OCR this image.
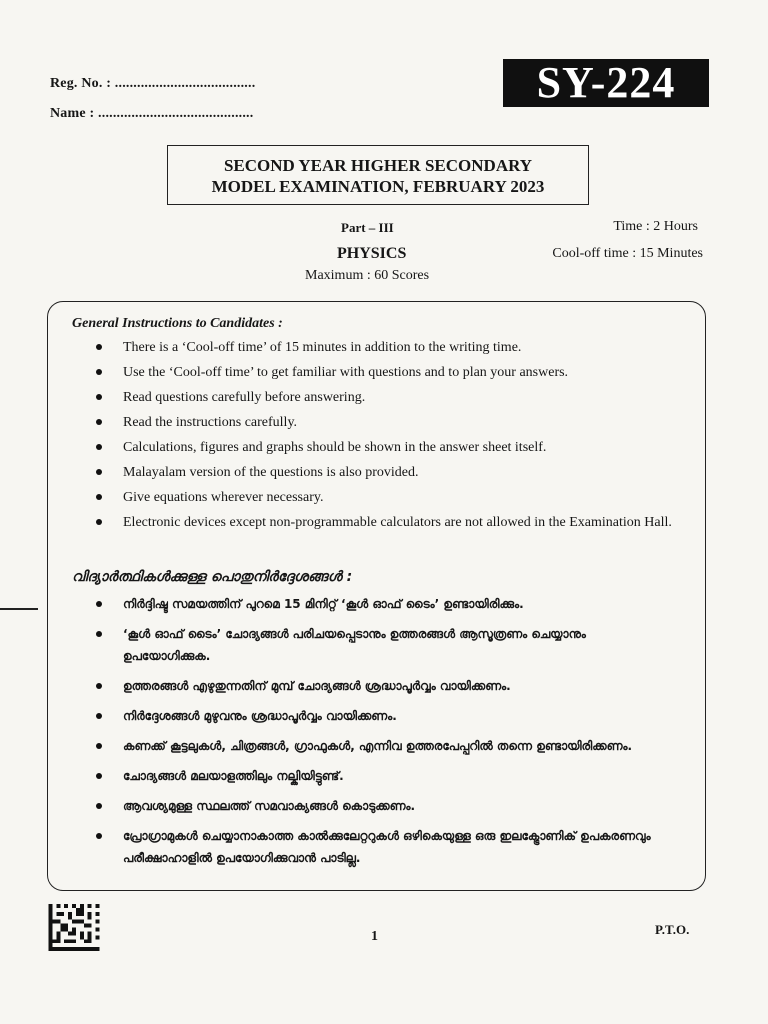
Reg. No. : ......................................
Name : ..........................................
SY-224
SECOND YEAR HIGHER SECONDARY
MODEL EXAMINATION, FEBRUARY 2023
Part – III	Time : 2 Hours
PHYSICS	Cool-off time : 15 Minutes
Maximum : 60 Scores
General Instructions to Candidates :
There is a ‘Cool-off time’ of 15 minutes in addition to the writing time.
Use the ‘Cool-off time’ to get familiar with questions and to plan your answers.
Read questions carefully before answering.
Read the instructions carefully.
Calculations, figures and graphs should be shown in the answer sheet itself.
Malayalam version of the questions is also provided.
Give equations wherever necessary.
Electronic devices except non-programmable calculators are not allowed in the Examination Hall.
വിദ്യാർത്ഥികൾക്കുള്ള പൊതുനിർദ്ദേശങ്ങൾ :
നിർദ്ദിഷ്ട സമയത്തിന് പുറമെ 15 മിനിറ്റ് ‘കൂൾ ഓഫ് ടൈം’ ഉണ്ടായിരിക്കും.
‘കൂൾ ഓഫ് ടൈം’ ചോദ്യങ്ങൾ പരിചയപ്പെടാനും ഉത്തരങ്ങൾ ആസൂത്രണം ചെയ്യാനും ഉപയോഗിക്കുക.
ഉത്തരങ്ങൾ എഴുതുന്നതിന് മുമ്പ് ചോദ്യങ്ങൾ ശ്രദ്ധാപൂർവ്വം വായിക്കണം.
നിർദ്ദേശങ്ങൾ മുഴുവനും ശ്രദ്ധാപൂർവ്വം വായിക്കണം.
കണക്ക് കൂട്ടലുകൾ, ചിത്രങ്ങൾ, ഗ്രാഫുകൾ, എന്നിവ ഉത്തരപേപ്പറിൽ തന്നെ ഉണ്ടായിരിക്കണം.
ചോദ്യങ്ങൾ മലയാളത്തിലും നല്കിയിട്ടുണ്ട്.
ആവശ്യമുള്ള സ്ഥലത്ത് സമവാക്യങ്ങൾ കൊടുക്കണം.
പ്രോഗ്രാമുകൾ ചെയ്യാനാകാത്ത കാൽക്കുലേറ്ററുകൾ ഒഴികെയുള്ള ഒരു ഇലക്ട്രോണിക് ഉപകരണവും പരീക്ഷാഹാളിൽ ഉപയോഗിക്കുവാൻ പാടില്ല.
1	P.T.O.
